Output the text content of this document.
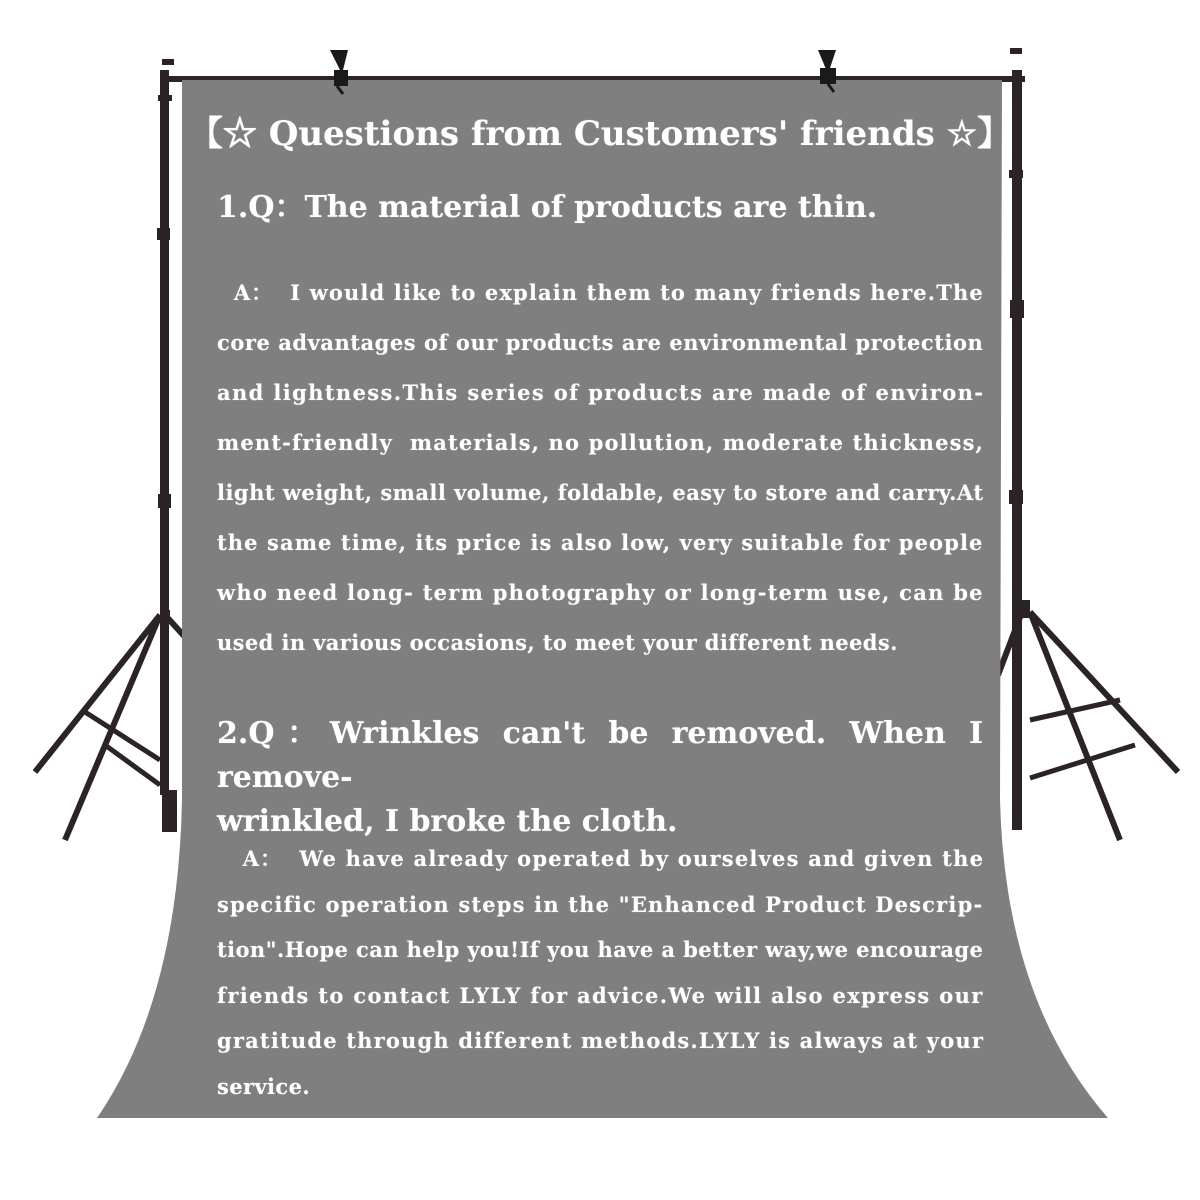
【☆ Questions from Customers' friends ☆】
1.Q：The material of products are thin.
A：  I would like to explain them to many friends here.The
core advantages of our products are environmental protection
and lightness.This series of products are made of environ-
ment-friendly  materials, no pollution, moderate thickness,
light weight, small volume, foldable, easy to store and carry.At
the same time, its price is also low, very suitable for people
who need long- term photography or long-term use, can be
used in various occasions, to meet your different needs.
2.Q：Wrinkles can't be removed. When I remove-
wrinkled, I broke the cloth.
A：  We have already operated by ourselves and given the
specific operation steps in the "Enhanced Product Descrip-
tion".Hope can help you!If you have a better way,we encourage
friends to contact LYLY for advice.We will also express our
gratitude through different methods.LYLY is always at your
service.
